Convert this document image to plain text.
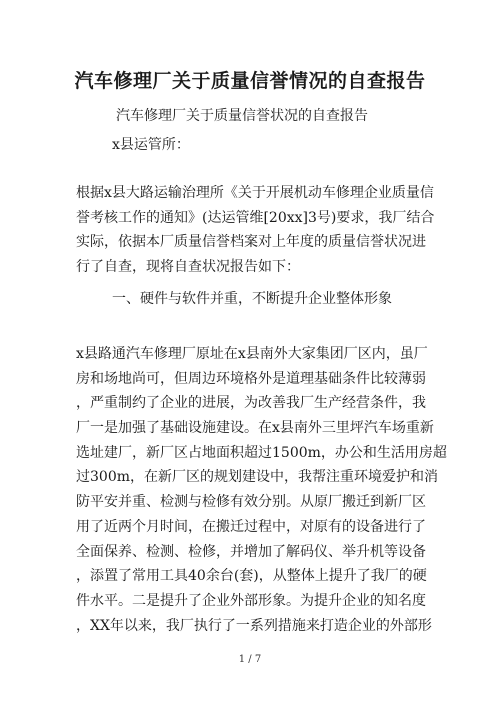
汽车修理厂关于质量信誉情况的自查报告

汽车修理厂关于质量信誉状况的自查报告

x县运管所：

根据x县大路运输治理所《关于开展机动车修理企业质量信
誉考核工作的通知》(达运管维[20xx]3号)要求，我厂结合
实际，依据本厂质量信誉档案对上年度的质量信誉状况进
行了自查，现将自查状况报告如下：

一、硬件与软件并重，不断提升企业整体形象

x县路通汽车修理厂原址在x县南外大家集团厂区内，虽厂
房和场地尚可，但周边环境格外是道理基础条件比较薄弱
，严重制约了企业的进展，为改善我厂生产经营条件，我
厂一是加强了基础设施建设。在x县南外三里坪汽车场重新
选址建厂，新厂区占地面积超过1500m，办公和生活用房超
过300m，在新厂区的规划建设中，我帮注重环境爱护和消
防平安并重、检测与检修有效分别。从原厂搬迁到新厂区
用了近两个月时间，在搬迁过程中，对原有的设备进行了
全面保养、检测、检修，并增加了解码仪、举升机等设备
，添置了常用工具40余台(套)，从整体上提升了我厂的硬
件水平。二是提升了企业外部形象。为提升企业的知名度
，XX年以来，我厂执行了一系列措施来打造企业的外部形
1 / 7
